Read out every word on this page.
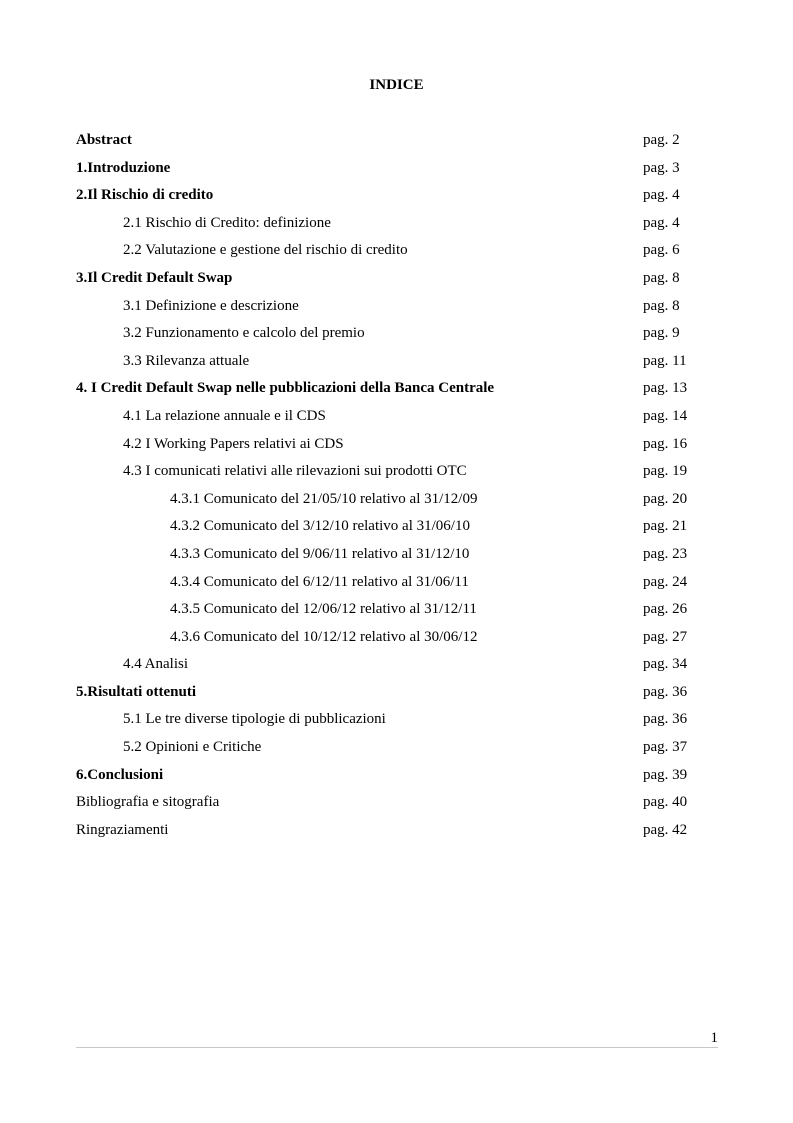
INDICE
Abstract	pag. 2
1.Introduzione	pag. 3
2.Il Rischio di credito	pag. 4
2.1 Rischio di Credito: definizione	pag. 4
2.2 Valutazione e gestione del rischio di credito	pag. 6
3.Il Credit Default Swap	pag. 8
3.1 Definizione e descrizione	pag. 8
3.2 Funzionamento e calcolo del premio	pag. 9
3.3 Rilevanza attuale	pag. 11
4. I Credit Default Swap nelle pubblicazioni della Banca Centrale	pag. 13
4.1 La relazione annuale e il CDS	pag. 14
4.2 I Working Papers relativi ai CDS	pag. 16
4.3 I comunicati relativi alle rilevazioni sui prodotti OTC	pag. 19
4.3.1 Comunicato del 21/05/10 relativo al 31/12/09	pag. 20
4.3.2 Comunicato del 3/12/10 relativo al 31/06/10	pag. 21
4.3.3 Comunicato del 9/06/11 relativo al 31/12/10	pag. 23
4.3.4 Comunicato del 6/12/11 relativo al 31/06/11	pag. 24
4.3.5 Comunicato del 12/06/12 relativo al 31/12/11	pag. 26
4.3.6 Comunicato del 10/12/12 relativo al 30/06/12	pag. 27
4.4 Analisi	pag. 34
5.Risultati ottenuti	pag. 36
5.1 Le tre diverse tipologie di pubblicazioni	pag. 36
5.2 Opinioni e Critiche	pag. 37
6.Conclusioni	pag. 39
Bibliografia e sitografia	pag. 40
Ringraziamenti	pag. 42
1
